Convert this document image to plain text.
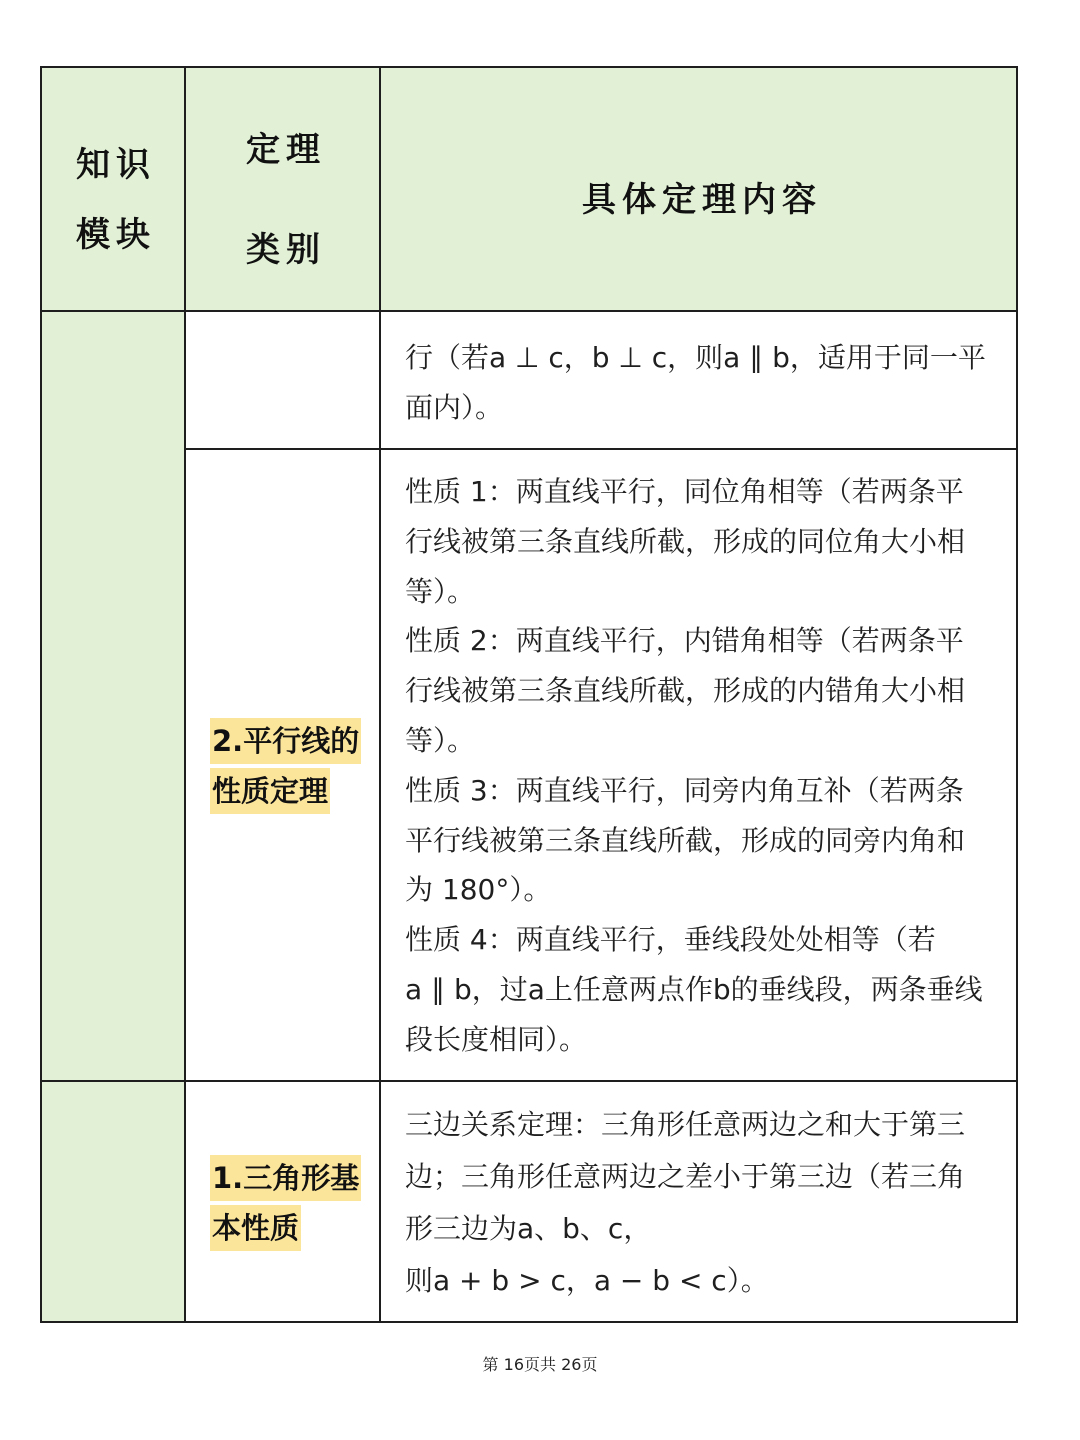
知识
模块
定理
类别
具体定理内容
行（若a ⊥ c，b ⊥ c，则a ∥ b，适用于同一平
面内）。
2.平行线的
性质定理
性质 1：两直线平行，同位角相等（若两条平
行线被第三条直线所截，形成的同位角大小相
等）。
性质 2：两直线平行，内错角相等（若两条平
行线被第三条直线所截，形成的内错角大小相
等）。
性质 3：两直线平行，同旁内角互补（若两条
平行线被第三条直线所截，形成的同旁内角和
为 180°）。
性质 4：两直线平行，垂线段处处相等（若
a ∥ b，过a上任意两点作b的垂线段，两条垂线
段长度相同）。
1.三角形基
本性质
三边关系定理：三角形任意两边之和大于第三
边；三角形任意两边之差小于第三边（若三角
形三边为a、b、c，
则a + b > c，a − b < c）。
第 16页共 26页
